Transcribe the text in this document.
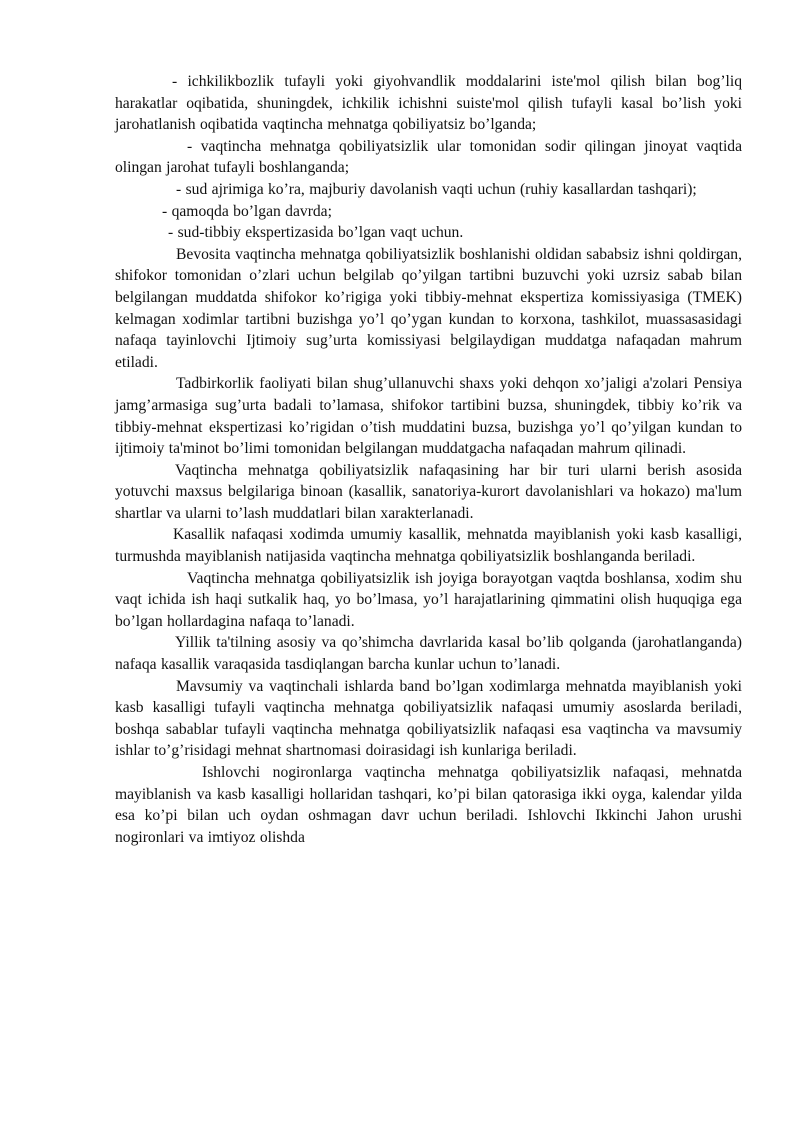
- ichkilikbozlik tufayli yoki giyohvandlik moddalarini iste'mol qilish bilan bog’liq harakatlar oqibatida, shuningdek, ichkilik ichishni suiste'mol qilish tufayli kasal bo’lish yoki jarohatlanish oqibatida vaqtincha mehnatga qobiliyatsiz bo’lganda;

- vaqtincha mehnatga qobiliyatsizlik ular tomonidan sodir qilingan jinoyat vaqtida olingan jarohat tufayli boshlanganda;

- sud ajrimiga ko’ra, majburiy davolanish vaqti uchun (ruhiy kasallardan tashqari);

- qamoqda bo’lgan davrda;

- sud-tibbiy ekspertizasida bo’lgan vaqt uchun.

Bevosita vaqtincha mehnatga qobiliyatsizlik boshlanishi oldidan sababsiz ishni qoldirgan, shifokor tomonidan o’zlari uchun belgilab qo’yilgan tartibni buzuvchi yoki uzrsiz sabab bilan belgilangan muddatda shifokor ko’rigiga yoki tibbiy-mehnat ekspertiza komissiyasiga (TMEK) kelmagan xodimlar tartibni buzishga yo’l qo’ygan kundan to korxona, tashkilot, muassasasidagi nafaqa tayinlovchi Ijtimoiy sug’urta komissiyasi belgilaydigan muddatga nafaqadan mahrum etiladi.

Tadbirkorlik faoliyati bilan shug’ullanuvchi shaxs yoki dehqon xo’jaligi a'zolari Pensiya jamg’armasiga sug’urta badali to’lamasa, shifokor tartibini buzsa, shuningdek, tibbiy ko’rik va tibbiy-mehnat ekspertizasi ko’rigidan o’tish muddatini buzsa, buzishga yo’l qo’yilgan kundan to ijtimoiy ta'minot bo’limi tomonidan belgilangan muddatgacha nafaqadan mahrum qilinadi.

Vaqtincha mehnatga qobiliyatsizlik nafaqasining har bir turi ularni berish asosida yotuvchi maxsus belgilariga binoan (kasallik, sanatoriya-kurort davolanishlari va hokazo) ma'lum shartlar va ularni to’lash muddatlari bilan xarakterlanadi.

Kasallik nafaqasi xodimda umumiy kasallik, mehnatda mayiblanish yoki kasb kasalligi, turmushda mayiblanish natijasida vaqtincha mehnatga qobiliyatsizlik boshlanganda beriladi.

Vaqtincha mehnatga qobiliyatsizlik ish joyiga borayotgan vaqtda boshlansa, xodim shu vaqt ichida ish haqi sutkalik haq, yo bo’lmasa, yo’l harajatlarining qimmatini olish huquqiga ega bo’lgan hollardagina nafaqa to’lanadi.

Yillik ta'tilning asosiy va qo’shimcha davrlarida kasal bo’lib qolganda (jarohatlanganda) nafaqa kasallik varaqasida tasdiqlangan barcha kunlar uchun to’lanadi.

Mavsumiy va vaqtinchali ishlarda band bo’lgan xodimlarga mehnatda mayiblanish yoki kasb kasalligi tufayli vaqtincha mehnatga qobiliyatsizlik nafaqasi umumiy asoslarda beriladi, boshqa sabablar tufayli vaqtincha mehnatga qobiliyatsizlik nafaqasi esa vaqtincha va mavsumiy ishlar to’g’risidagi mehnat shartnomasi doirasidagi ish kunlariga beriladi.

Ishlovchi nogironlarga vaqtincha mehnatga qobiliyatsizlik nafaqasi, mehnatda mayiblanish va kasb kasalligi hollaridan tashqari, ko’pi bilan qatorasiga ikki oyga, kalendar yilda esa ko’pi bilan uch oydan oshmagan davr uchun beriladi. Ishlovchi Ikkinchi Jahon urushi nogironlari va imtiyoz olishda
